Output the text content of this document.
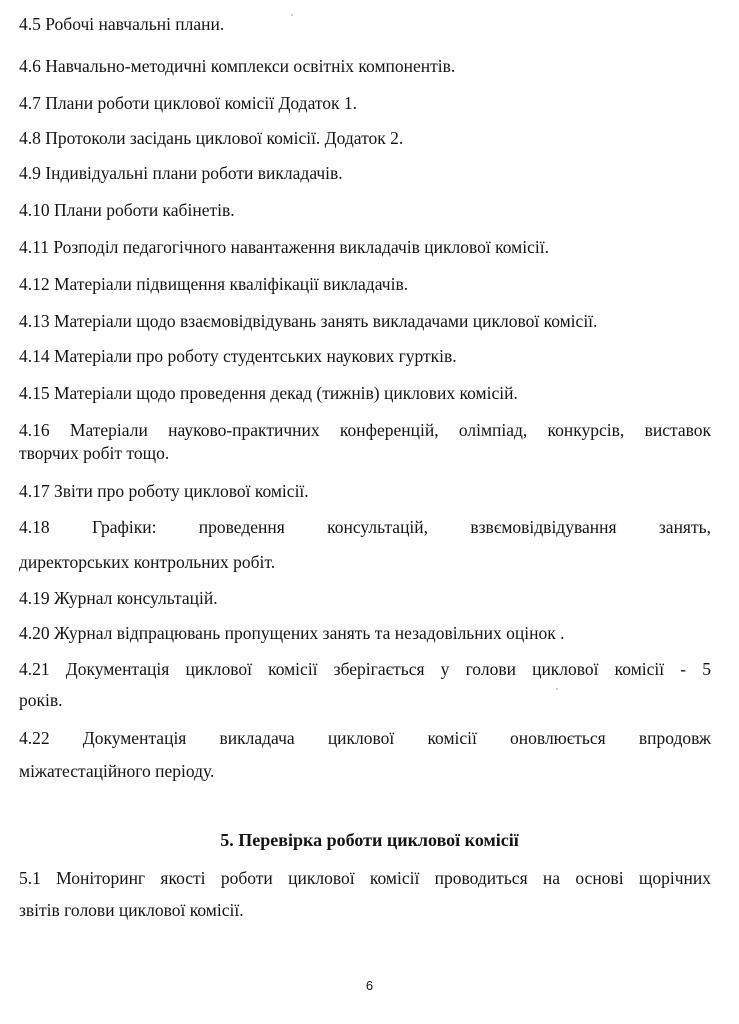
4.5 Робочі навчальні плани.
4.6 Навчально-методичні комплекси освітніх компонентів.
4.7 Плани роботи циклової комісії Додаток 1.
4.8 Протоколи засідань циклової комісії. Додаток 2.
4.9 Індивідуальні плани роботи викладачів.
4.10 Плани роботи кабінетів.
4.11 Розподіл педагогічного навантаження викладачів циклової комісії.
4.12 Матеріали підвищення кваліфікації викладачів.
4.13 Матеріали щодо взаємовідвідувань занять викладачами циклової комісії.
4.14 Матеріали про роботу студентських наукових гуртків.
4.15 Матеріали щодо проведення декад (тижнів) циклових комісій.
4.16 Матеріали науково-практичних конференцій, олімпіад, конкурсів, виставок
творчих робіт тощо.
4.17 Звіти про роботу циклової комісії.
4.18 Графіки: проведення консультацій, взвємовідвідування занять,
директорських контрольних робіт.
4.19 Журнал консультацій.
4.20 Журнал відпрацювань пропущених занять та незадовільних оцінок .
4.21 Документація циклової комісії зберігається у голови циклової комісії - 5
років.
4.22 Документація викладача циклової комісії оновлюється впродовж
міжатестаційного періоду.
5. Перевірка роботи циклової комісії
5.1 Моніторинг якості роботи циклової комісії проводиться на основі щорічних
звітів голови циклової комісії.
6
